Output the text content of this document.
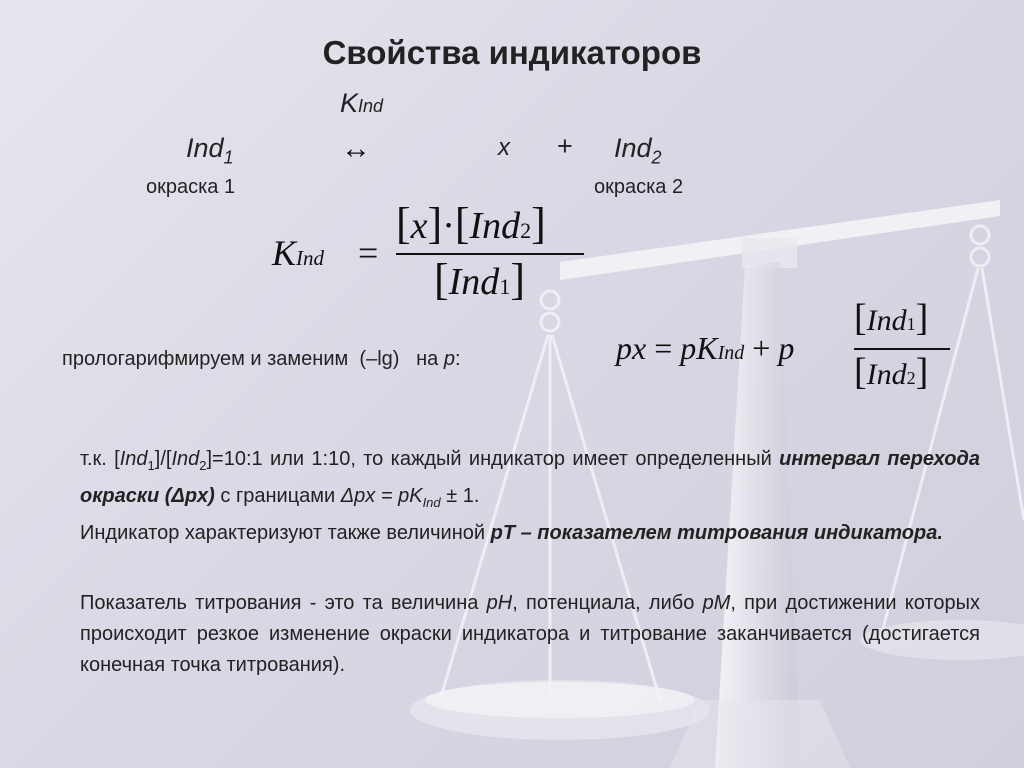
Свойства индикаторов
KInd
Ind$_1$	↔	x + Ind$_2$
окраска 1	окраска 2
KInd =
[x]·[Ind2]
[Ind1]
прологарифмируем и заменим (–lg) на p:	px = pKInd + p
[Ind1]
[Ind2]
т.к. [Ind$_1$]/[Ind$_2$]=10:1 или 1:10, то каждый индикатор имеет определенный интервал перехода окраски (Δpx) с границами $\Delta px = pK_{Ind} \pm 1$.
Индикатор характеризуют также величиной pT – показателем титрования индикатора.
Показатель титрования - это та величина pH, потенциала, либо pM, при достижении которых происходит резкое изменение окраски индикатора и титрование заканчивается (достигается конечная точка титрования).
